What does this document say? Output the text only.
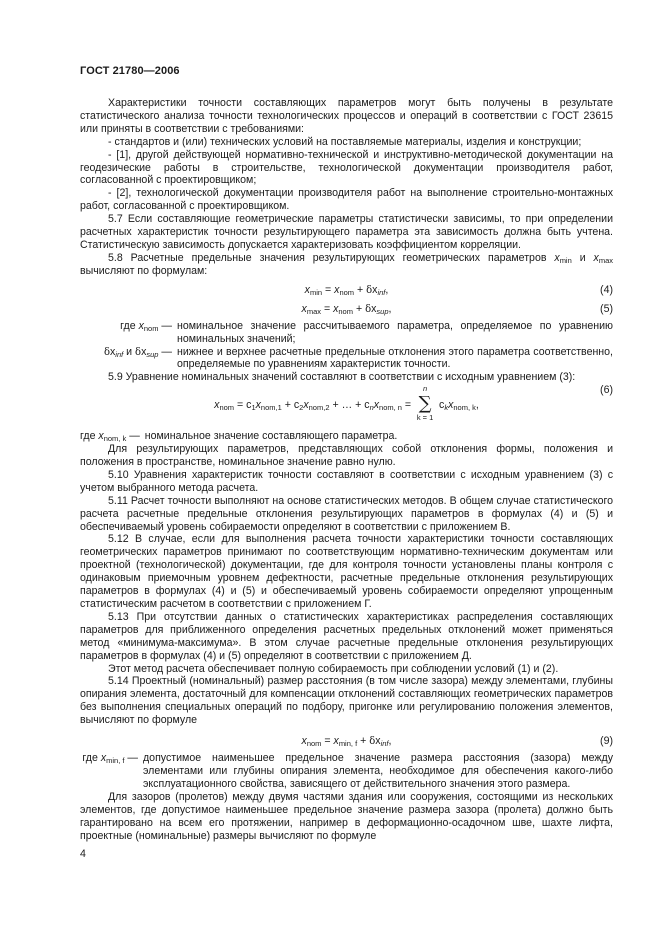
ГОСТ 21780—2006

Характеристики точности составляющих параметров могут быть получены в результате статистического анализа точности технологических процессов и операций в соответствии с ГОСТ 23615 или приняты в соответствии с требованиями:

- стандартов и (или) технических условий на поставляемые материалы, изделия и конструкции;

- [1], другой действующей нормативно-технической и инструктивно-методической документации на геодезические работы в строительстве, технологической документации производителя работ, согласованной с проектировщиком;

- [2], технологической документации производителя работ на выполнение строительно-монтажных работ, согласованной с проектировщиком.

5.7 Если составляющие геометрические параметры статистически зависимы, то при определении расчетных характеристик точности результирующего параметра эта зависимость должна быть учтена. Статистическую зависимость допускается характеризовать коэффициентом корреляции.

5.8 Расчетные предельные значения результирующих геометрических параметров $x_{min}$ и $x_{max}$ вычисляют по формулам:

$x_{min} = x_{nom} + \delta x_{inf}$,	(4)
$x_{max} = x_{nom} + \delta x_{sup}$,	(5)
где $x_{nom}$ — номинальное значение рассчитываемого параметра, определяемое по уравнению номинальных значений;
$\delta x_{inf}$ и $\delta x_{sup}$ — нижнее и верхнее расчетные предельные отклонения этого параметра соответственно, определяемые по уравнениям характеристик точности.

5.9 Уравнение номинальных значений составляют в соответствии с исходным уравнением (3):

$x_{nom} = c_1x_{nom,1} + c_2x_{nom,2}$ + … + $c_nx_{nom, n}$ =
n
∑
k = 1
$c_kx_{nom, k}$,
(6)
где $x_{nom, k}$ — номинальное значение составляющего параметра.

Для результирующих параметров, представляющих собой отклонения формы, положения и положения в пространстве, номинальное значение равно нулю.

5.10 Уравнения характеристик точности составляют в соответствии с исходным уравнением (3) с учетом выбранного метода расчета.

5.11 Расчет точности выполняют на основе статистических методов. В общем случае статистического расчета расчетные предельные отклонения результирующих параметров в формулах (4) и (5) и обеспечиваемый уровень собираемости определяют в соответствии с приложением В.

5.12 В случае, если для выполнения расчета точности характеристики точности составляющих геометрических параметров принимают по соответствующим нормативно-техническим документам или проектной (технологической) документации, где для контроля точности установлены планы контроля с одинаковым приемочным уровнем дефектности, расчетные предельные отклонения результирующих параметров в формулах (4) и (5) и обеспечиваемый уровень собираемости определяют упрощенным статистическим расчетом в соответствии с приложением Г.

5.13 При отсутствии данных о статистических характеристиках распределения составляющих параметров для приближенного определения расчетных предельных отклонений может применяться метод «минимума-максимума». В этом случае расчетные предельные отклонения результирующих параметров в формулах (4) и (5) определяют в соответствии с приложением Д.

Этот метод расчета обеспечивает полную собираемость при соблюдении условий (1) и (2).

5.14 Проектный (номинальный) размер расстояния (в том числе зазора) между элементами, глубины опирания элемента, достаточный для компенсации отклонений составляющих геометрических параметров без выполнения специальных операций по подбору, пригонке или регулированию положения элементов, вычисляют по формуле

$x_{nom} = x_{min, f} + \delta x_{inf}$,	(9)
где $x_{min, f}$ — допустимое наименьшее предельное значение размера расстояния (зазора) между элементами или глубины опирания элемента, необходимое для обеспечения какого-либо эксплуатационного свойства, зависящего от действительного значения этого размера.

Для зазоров (пролетов) между двумя частями здания или сооружения, состоящими из нескольких элементов, где допустимое наименьшее предельное значение размера зазора (пролета) должно быть гарантировано на всем его протяжении, например в деформационно-осадочном шве, шахте лифта, проектные (номинальные) размеры вычисляют по формуле

4
